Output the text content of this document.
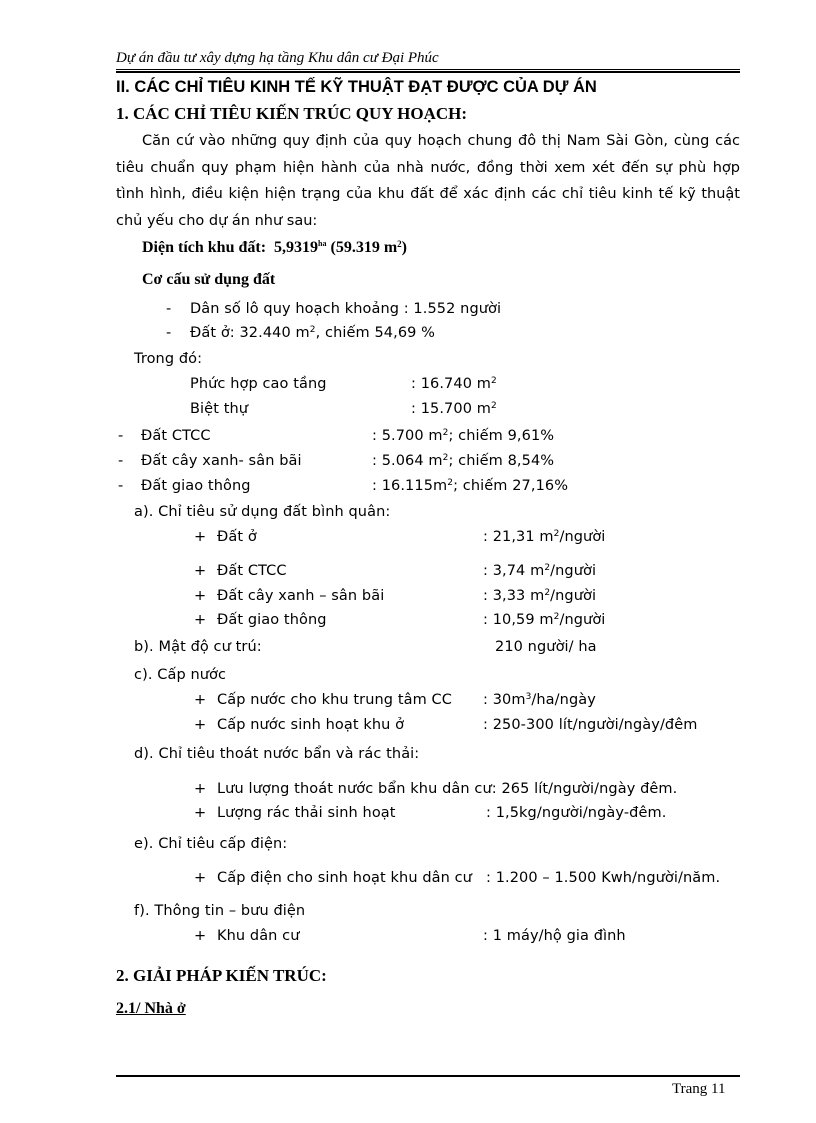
Dự án đầu tư xây dựng hạ tầng Khu dân cư Đại Phúc
II. CÁC CHỈ TIÊU KINH TẾ KỸ THUẬT ĐẠT ĐƯỢC CỦA DỰ ÁN
1. CÁC CHỈ TIÊU KIẾN TRÚC QUY HOẠCH:
Căn cứ vào những quy định của quy hoạch chung đô thị Nam Sài Gòn, cùng các tiêu chuẩn quy phạm hiện hành của nhà nước, đồng thời xem xét đến sự phù hợp tình hình, điều kiện hiện trạng của khu đất để xác định các chỉ tiêu kinh tế kỹ thuật chủ yếu cho dự án như sau:
Diện tích khu đất: 5,9319$^{ha}$ (59.319 $m^2$)
Cơ cấu sử dụng đất
- Dân số lô quy hoạch khoảng : 1.552 người
- Đất ở: 32.440 $m^2$, chiếm 54,69 %
Trong đó:
Phức hợp cao tầng	: 16.740 $m^2$
Biệt thự	: 15.700 $m^2$
- Đất CTCC	: 5.700 $m^2$; chiếm 9,61%
- Đất cây xanh- sân bãi	: 5.064 $m^2$; chiếm 8,54%
- Đất giao thông	: $16.115m^2$; chiếm 27,16%
a). Chỉ tiêu sử dụng đất bình quân:
+ Đất ở	: 21,31 $m^2$/người
+ Đất CTCC	: 3,74 $m^2$/người
+ Đất cây xanh – sân bãi	: 3,33 $m^2$/người
+ Đất giao thông	: 10,59 $m^2$/người
b). Mật độ cư trú:	210 người/ ha
c). Cấp nước
+ Cấp nước cho khu trung tâm CC : $30m^3/ha$/ngày
+ Cấp nước sinh hoạt khu ở	: 250-300 lít/người/ngày/đêm
d). Chỉ tiêu thoát nước bẩn và rác thải:
+ Lưu lượng thoát nước bẩn khu dân cư: 265 lít/người/ngày đêm.
+ Lượng rác thải sinh hoạt	: 1,5kg/người/ngày-đêm.
e). Chỉ tiêu cấp điện:
+ Cấp điện cho sinh hoạt khu dân cư : 1.200 – 1.500 Kwh/người/năm.
f). Thông tin – bưu điện
+ Khu dân cư	: 1 máy/hộ gia đình
2. GIẢI PHÁP KIẾN TRÚC:
2.1/ Nhà ở
Trang 11
